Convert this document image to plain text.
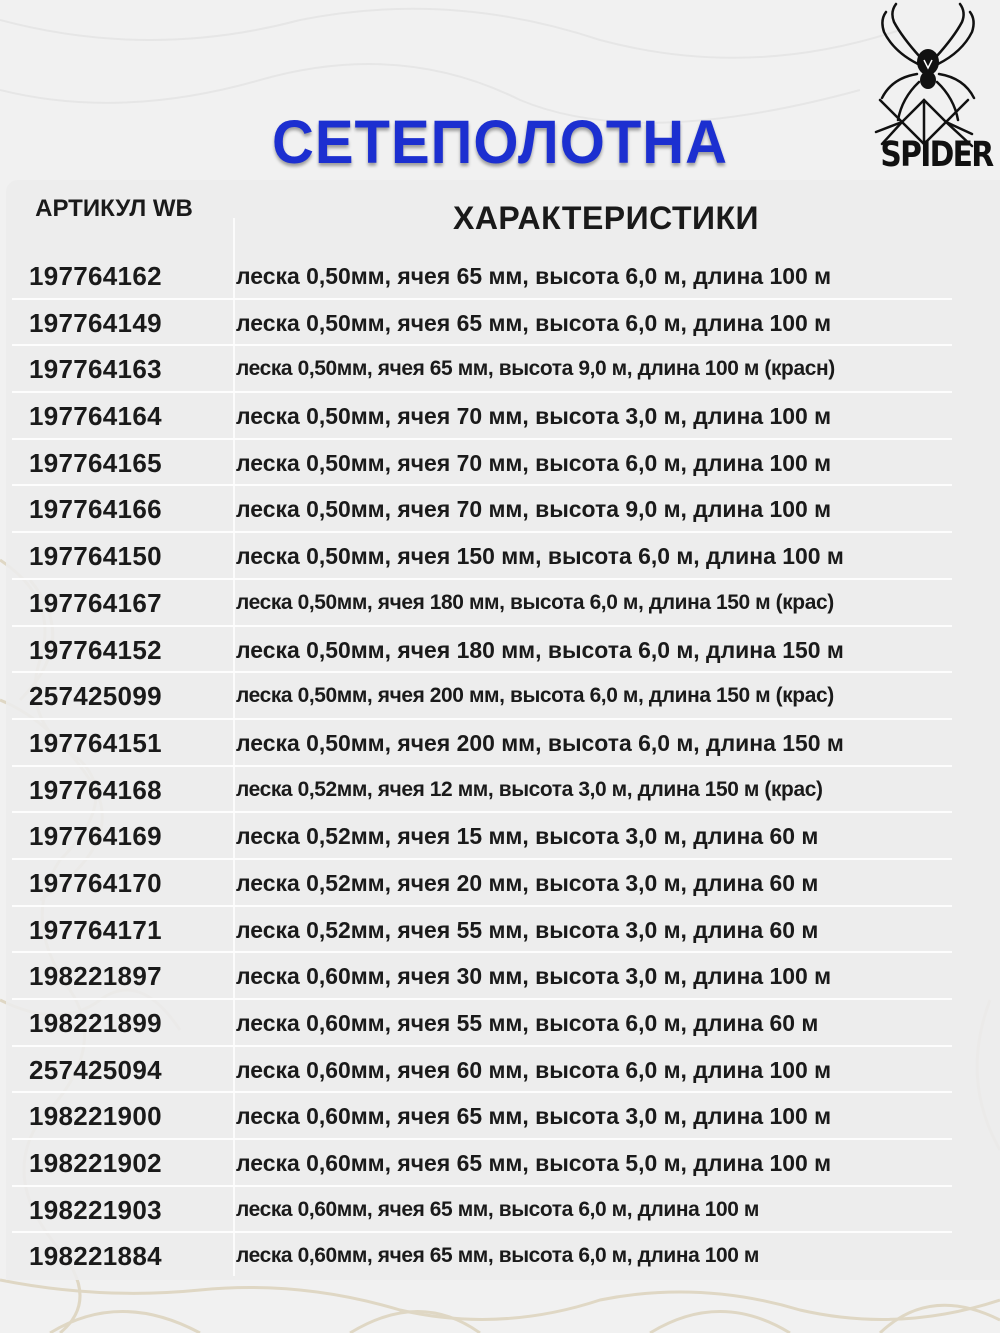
СЕТЕПОЛОТНА	SPIDER
АРТИКУЛ WB	ХАРАКТЕРИСТИКИ
197764162	леска 0,50мм, ячея 65 мм, высота 6,0 м, длина 100 м
197764149	леска 0,50мм, ячея 65 мм, высота 6,0 м, длина 100 м
197764163	леска 0,50мм, ячея 65 мм, высота 9,0 м, длина 100 м (красн)
197764164	леска 0,50мм, ячея 70 мм, высота 3,0 м, длина 100 м
197764165	леска 0,50мм, ячея 70 мм, высота 6,0 м, длина 100 м
197764166	леска 0,50мм, ячея 70 мм, высота 9,0 м, длина 100 м
197764150	леска 0,50мм, ячея 150 мм, высота 6,0 м, длина 100 м
197764167	леска 0,50мм, ячея 180 мм, высота 6,0 м, длина 150 м (крас)
197764152	леска 0,50мм, ячея 180 мм, высота 6,0 м, длина 150 м
257425099	леска 0,50мм, ячея 200 мм, высота 6,0 м, длина 150 м (крас)
197764151	леска 0,50мм, ячея 200 мм, высота 6,0 м, длина 150 м
197764168	леска 0,52мм, ячея 12 мм, высота 3,0 м, длина 150 м (крас)
197764169	леска 0,52мм, ячея 15 мм, высота 3,0 м, длина 60 м
197764170	леска 0,52мм, ячея 20 мм, высота 3,0 м, длина 60 м
197764171	леска 0,52мм, ячея 55 мм, высота 3,0 м, длина 60 м
198221897	леска 0,60мм, ячея 30 мм, высота 3,0 м, длина 100 м
198221899	леска 0,60мм, ячея 55 мм, высота 6,0 м, длина 60 м
257425094	леска 0,60мм, ячея 60 мм, высота 6,0 м, длина 100 м
198221900	леска 0,60мм, ячея 65 мм, высота 3,0 м, длина 100 м
198221902	леска 0,60мм, ячея 65 мм, высота 5,0 м, длина 100 м
198221903	леска 0,60мм, ячея 65 мм, высота 6,0 м, длина 100 м
198221884	леска 0,60мм, ячея 65 мм, высота 6,0 м, длина 100 м
